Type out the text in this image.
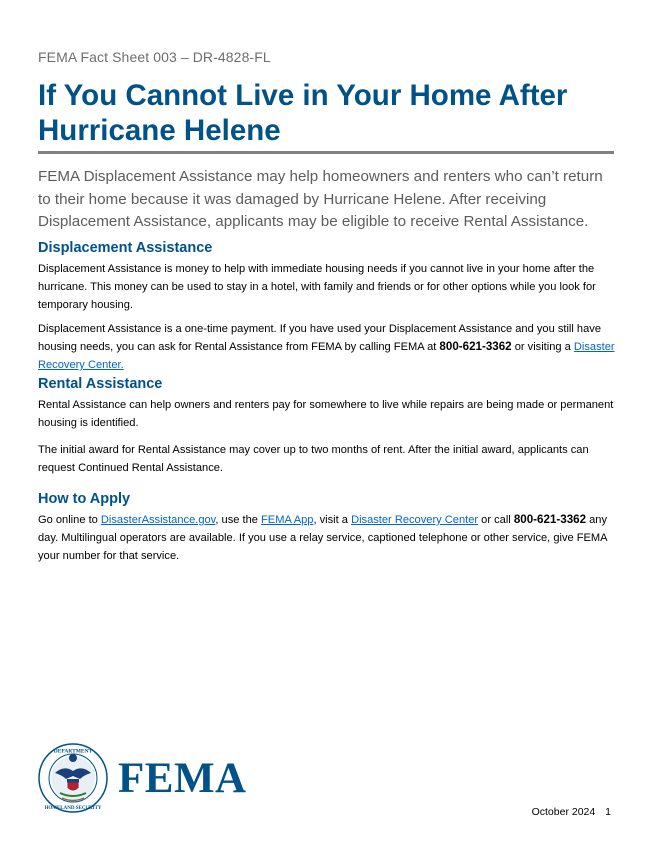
FEMA Fact Sheet 003 – DR-4828-FL
If You Cannot Live in Your Home After Hurricane Helene

FEMA Displacement Assistance may help homeowners and renters who can’t return to their home because it was damaged by Hurricane Helene. After receiving Displacement Assistance, applicants may be eligible to receive Rental Assistance.

Displacement Assistance

Displacement Assistance is money to help with immediate housing needs if you cannot live in your home after the hurricane. This money can be used to stay in a hotel, with family and friends or for other options while you look for temporary housing.

Displacement Assistance is a one-time payment. If you have used your Displacement Assistance and you still have housing needs, you can ask for Rental Assistance from FEMA by calling FEMA at 800-621-3362 or visiting a Disaster Recovery Center.

Rental Assistance

Rental Assistance can help owners and renters pay for somewhere to live while repairs are being made or permanent housing is identified.

The initial award for Rental Assistance may cover up to two months of rent. After the initial award, applicants can request Continued Rental Assistance.

How to Apply

Go online to DisasterAssistance.gov, use the FEMA App, visit a Disaster Recovery Center or call 800-621-3362 any day. Multilingual operators are available. If you use a relay service, captioned telephone or other service, give FEMA your number for that service.

DEPARTMENT
HOMELAND SECURITY
FEMA
October 2024 1
